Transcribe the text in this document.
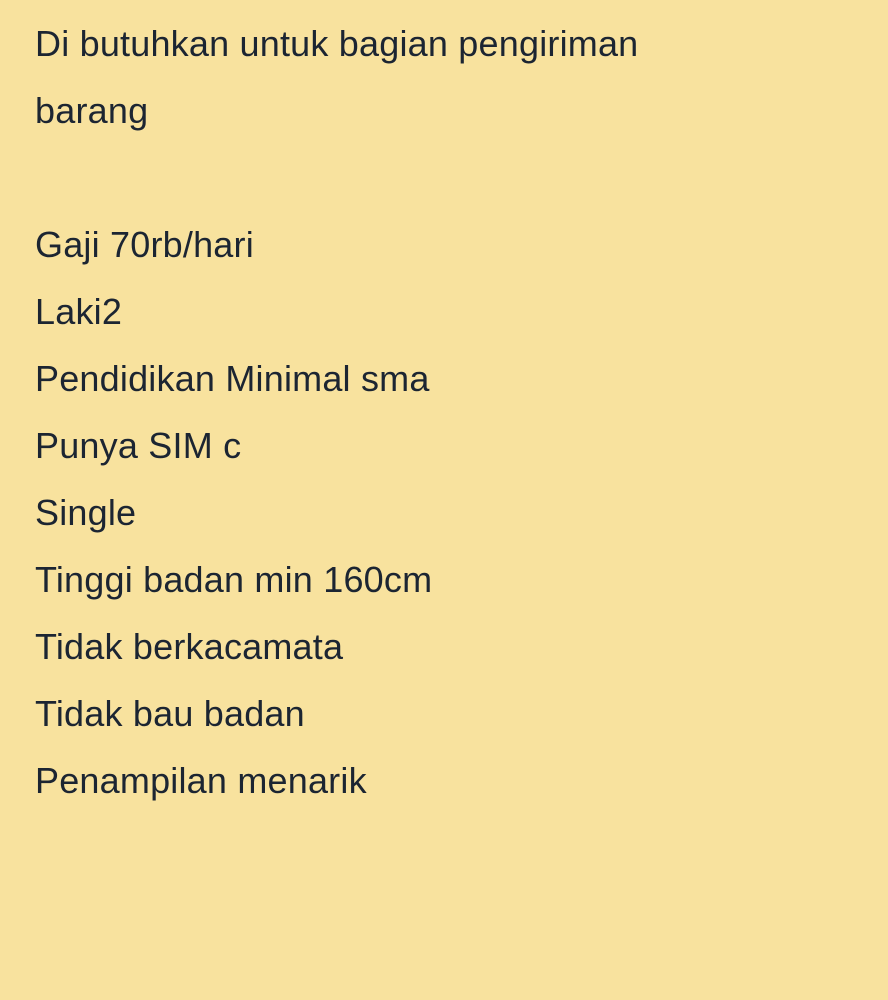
Di butuhkan untuk bagian pengiriman
barang
Gaji 70rb/hari
Laki2
Pendidikan Minimal sma
Punya SIM c
Single
Tinggi badan min 160cm
Tidak berkacamata
Tidak bau badan
Penampilan menarik
